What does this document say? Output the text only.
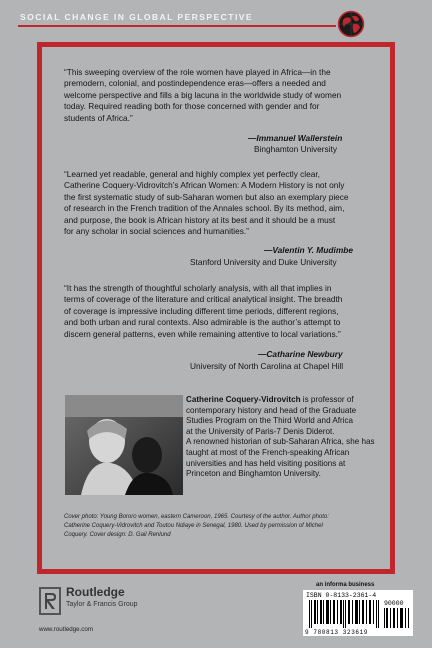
SOCIAL CHANGE IN GLOBAL PERSPECTIVE
“This sweeping overview of the role women have played in Africa—in the
premodern, colonial, and postindependence eras—offers a needed and
welcome perspective and fills a big lacuna in the worldwide study of women
today. Required reading both for those concerned with gender and for
students of Africa.”
—Immanuel Wallerstein
Binghamton University
“Learned yet readable, general and highly complex yet perfectly clear,
Catherine Coquery-Vidrovitch’s African Women: A Modern History is not only
the first systematic study of sub-Saharan women but also an exemplary piece
of research in the French tradition of the Annales school. By its method, aim,
and purpose, the book is African history at its best and it should be a must
for any scholar in social sciences and humanities.”
—Valentin Y. Mudimbe
Stanford University and Duke University
“It has the strength of thoughtful scholarly analysis, with all that implies in
terms of coverage of the literature and critical analytical insight. The breadth
of coverage is impressive including different time periods, different regions,
and both urban and rural contexts. Also admirable is the author’s attempt to
discern general patterns, even while remaining attentive to local variations.”
—Catharine Newbury
University of North Carolina at Chapel Hill
Catherine Coquery-Vidrovitch is professor of
contemporary history and head of the Graduate
Studies Program on the Third World and Africa
at the University of Paris-7 Denis Diderot.
A renowned historian of sub-Saharan Africa, she has
taught at most of the French-speaking African
universities and has held visiting positions at
Princeton and Binghamton University.
Cover photo: Young Bororo women, eastern Cameroon, 1965. Courtesy of the author. Author photo:
Catherine Coquery-Vidrovitch and Toutou Ndiaye in Senegal, 1980. Used by permission of Michel
Coquery. Cover design: D. Gail Renlund
an informa business
ISBN 0-8133-2361-4
90000
9 780813 323619
Routledge
Taylor & Francis Group
www.routledge.com
